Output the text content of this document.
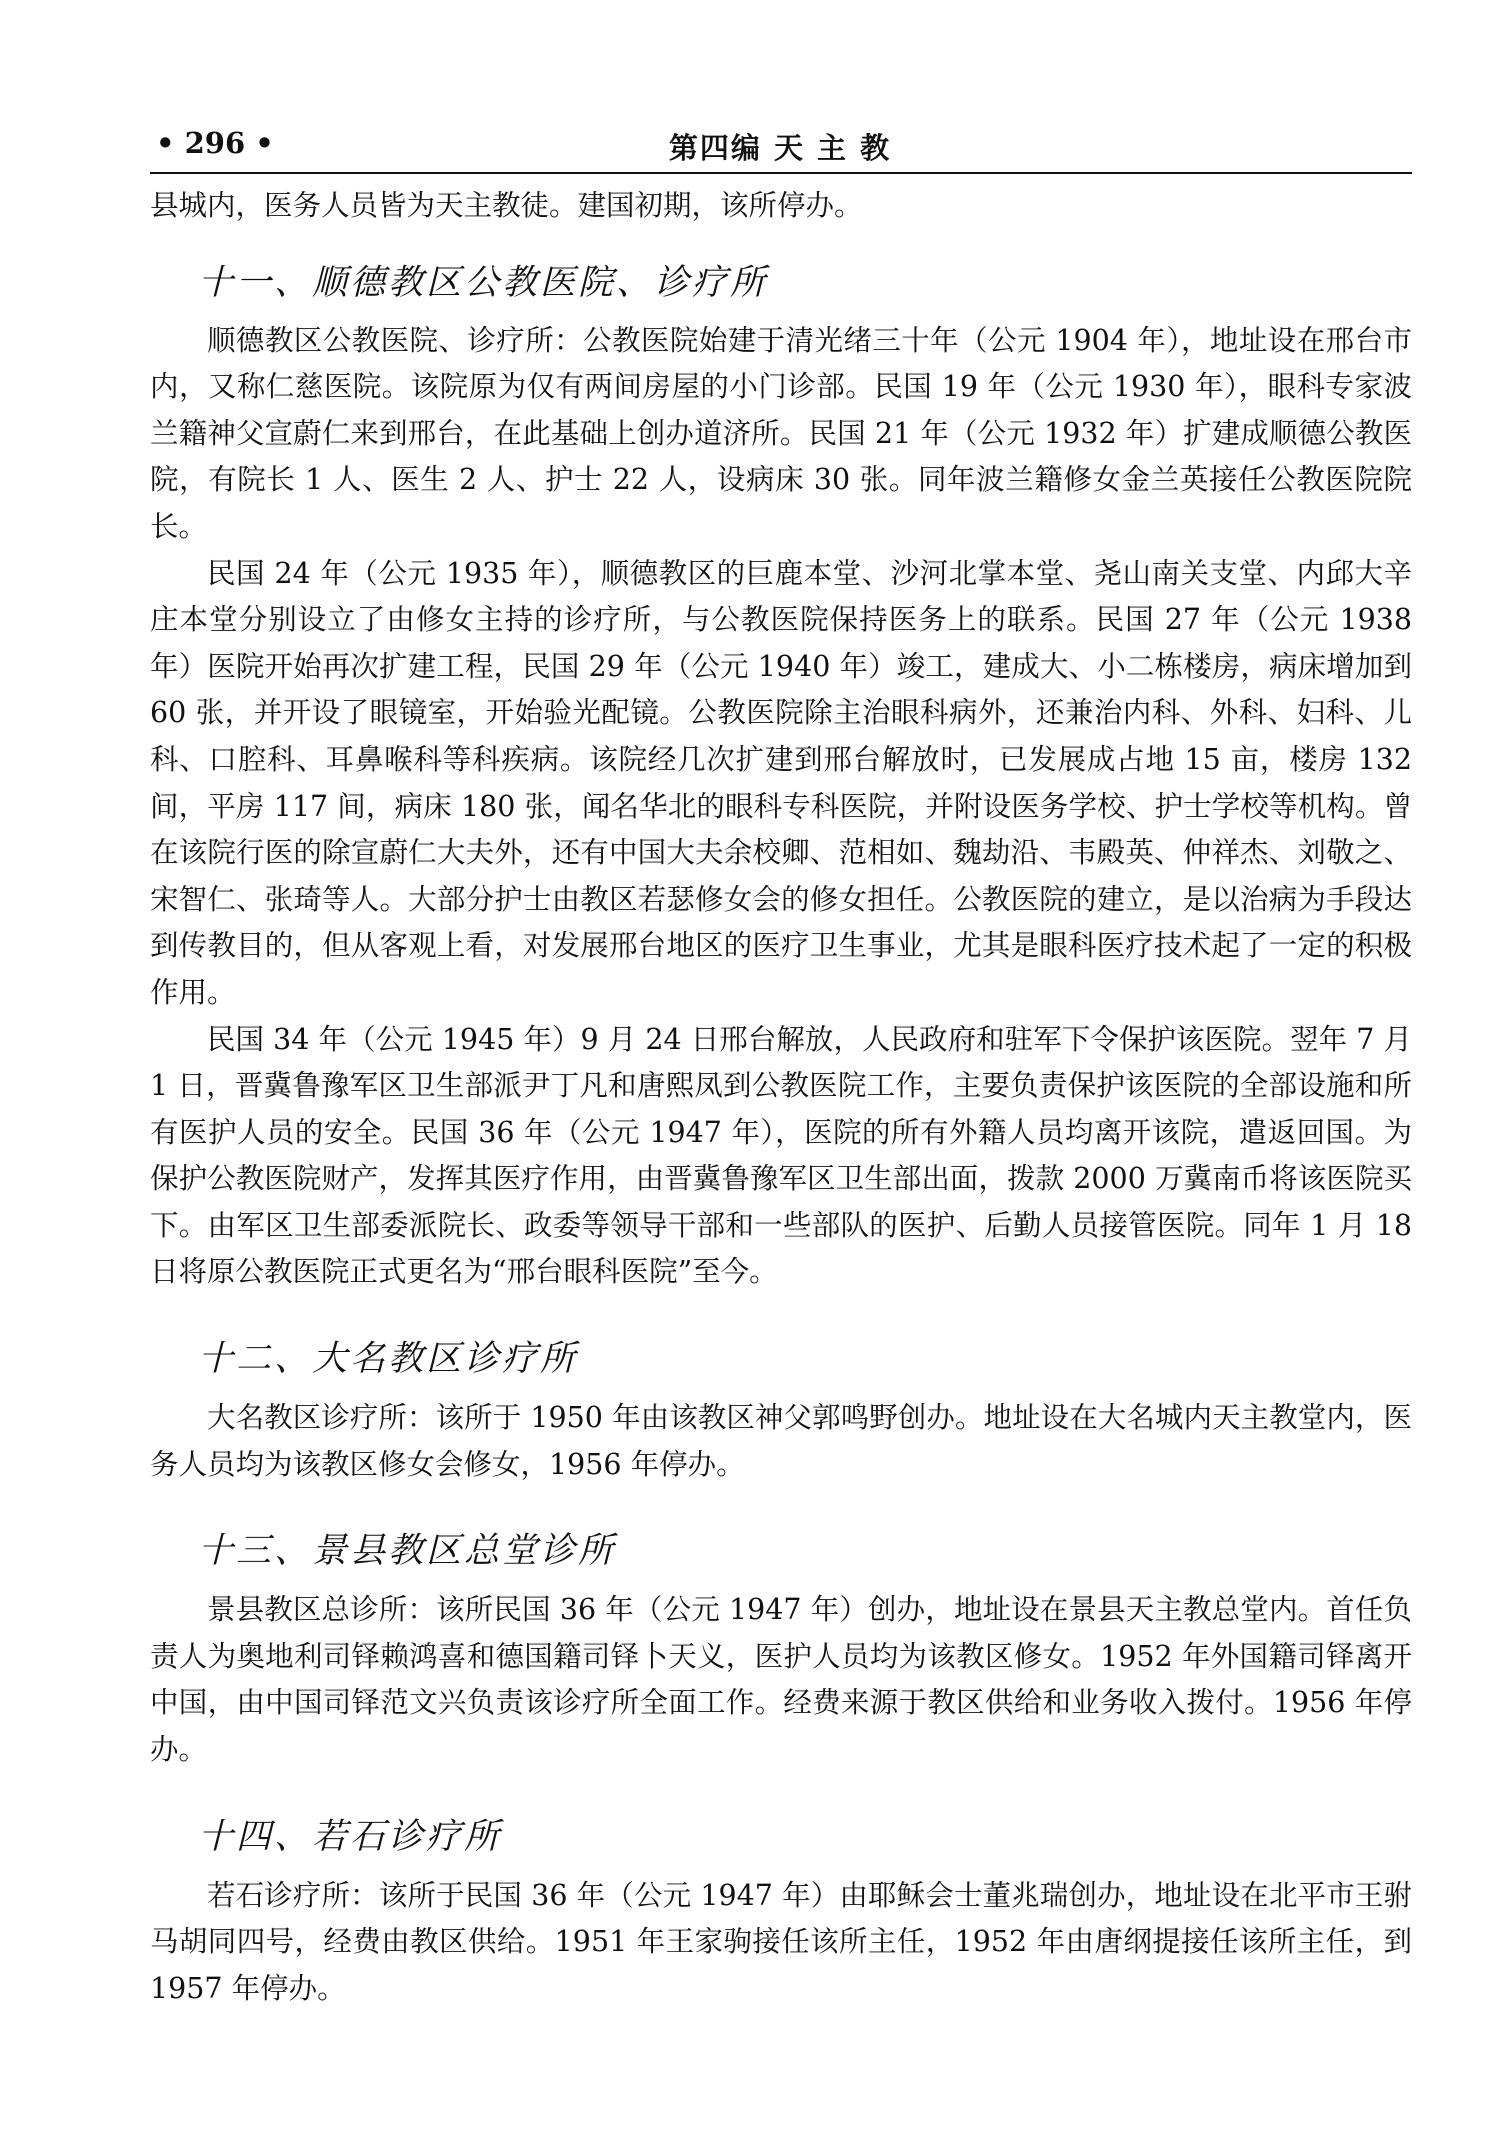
• 296 •	第四编 天 主 教

县城内，医务人员皆为天主教徒。建国初期，该所停办。

十一、顺德教区公教医院、诊疗所

顺德教区公教医院、诊疗所：公教医院始建于清光绪三十年（公元 1904 年），地址设在邢台市内，又称仁慈医院。该院原为仅有两间房屋的小门诊部。民国 19 年（公元 1930 年），眼科专家波兰籍神父宣蔚仁来到邢台，在此基础上创办道济所。民国 21 年（公元 1932 年）扩建成顺德公教医院，有院长 1 人、医生 2 人、护士 22 人，设病床 30 张。同年波兰籍修女金兰英接任公教医院院长。

民国 24 年（公元 1935 年），顺德教区的巨鹿本堂、沙河北掌本堂、尧山南关支堂、内邱大辛庄本堂分别设立了由修女主持的诊疗所，与公教医院保持医务上的联系。民国 27 年（公元 1938 年）医院开始再次扩建工程，民国 29 年（公元 1940 年）竣工，建成大、小二栋楼房，病床增加到 60 张，并开设了眼镜室，开始验光配镜。公教医院除主治眼科病外，还兼治内科、外科、妇科、儿科、口腔科、耳鼻喉科等科疾病。该院经几次扩建到邢台解放时，已发展成占地 15 亩，楼房 132 间，平房 117 间，病床 180 张，闻名华北的眼科专科医院，并附设医务学校、护士学校等机构。曾在该院行医的除宣蔚仁大夫外，还有中国大夫余校卿、范相如、魏劫沿、韦殿英、仲祥杰、刘敬之、宋智仁、张琦等人。大部分护士由教区若瑟修女会的修女担任。公教医院的建立，是以治病为手段达到传教目的，但从客观上看，对发展邢台地区的医疗卫生事业，尤其是眼科医疗技术起了一定的积极作用。

民国 34 年（公元 1945 年）9 月 24 日邢台解放，人民政府和驻军下令保护该医院。翌年 7 月 1 日，晋冀鲁豫军区卫生部派尹丁凡和唐熙凤到公教医院工作，主要负责保护该医院的全部设施和所有医护人员的安全。民国 36 年（公元 1947 年），医院的所有外籍人员均离开该院，遣返回国。为保护公教医院财产，发挥其医疗作用，由晋冀鲁豫军区卫生部出面，拨款 2000 万冀南币将该医院买下。由军区卫生部委派院长、政委等领导干部和一些部队的医护、后勤人员接管医院。同年 1 月 18 日将原公教医院正式更名为“邢台眼科医院”至今。

十二、大名教区诊疗所

大名教区诊疗所：该所于 1950 年由该教区神父郭鸣野创办。地址设在大名城内天主教堂内，医务人员均为该教区修女会修女，1956 年停办。

十三、景县教区总堂诊所

景县教区总诊所：该所民国 36 年（公元 1947 年）创办，地址设在景县天主教总堂内。首任负责人为奥地利司铎赖鸿喜和德国籍司铎卜天义，医护人员均为该教区修女。1952 年外国籍司铎离开中国，由中国司铎范文兴负责该诊疗所全面工作。经费来源于教区供给和业务收入拨付。1956 年停办。

十四、若石诊疗所

若石诊疗所：该所于民国 36 年（公元 1947 年）由耶稣会士董兆瑞创办，地址设在北平市王驸马胡同四号，经费由教区供给。1951 年王家驹接任该所主任，1952 年由唐纲提接任该所主任，到 1957 年停办。
